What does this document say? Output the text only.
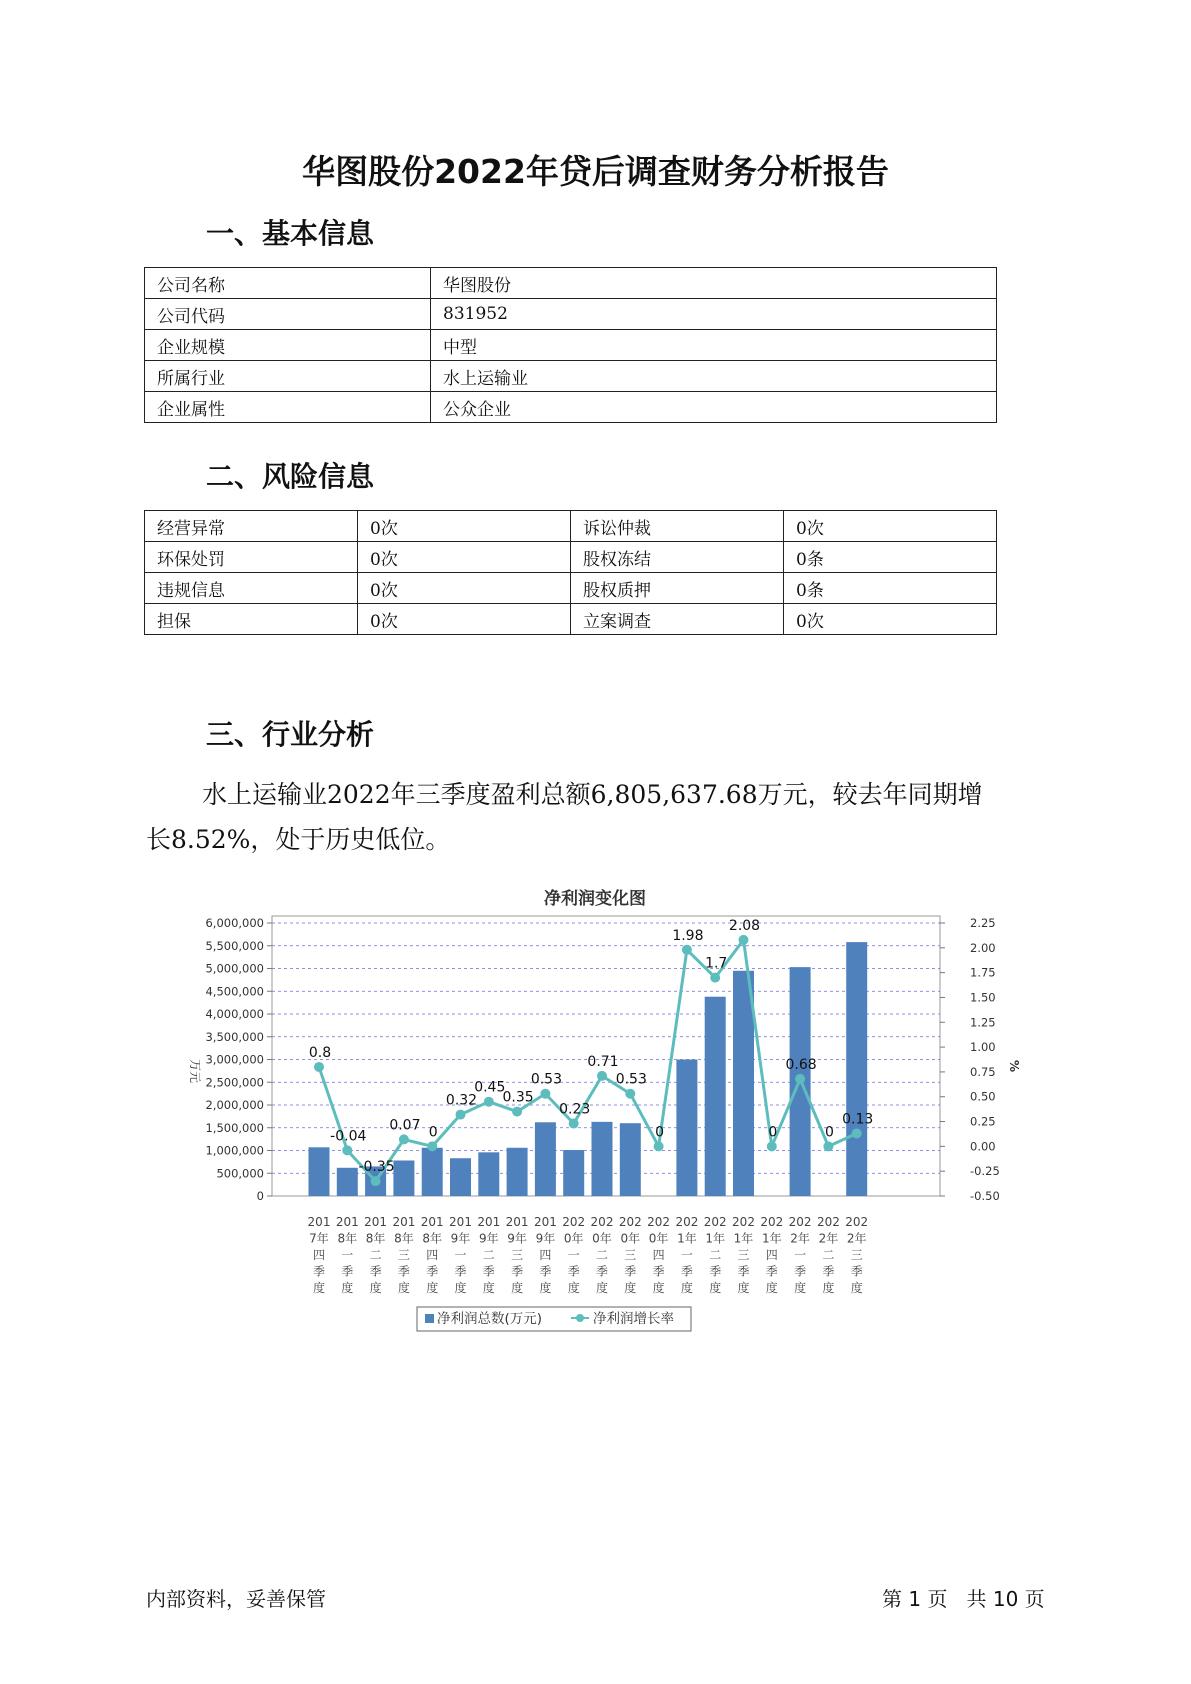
华图股份2022年贷后调查财务分析报告
一、基本信息
公司名称	华图股份
公司代码	831952
企业规模	中型
所属行业	水上运输业
企业属性	公众企业
二、风险信息
经营异常	0次	诉讼仲裁	0次
环保处罚	0次	股权冻结	0条
违规信息	0次	股权质押	0条
担保	0次	立案调查	0次
三、行业分析
水上运输业2022年三季度盈利总额6,805,637.68万元，较去年同期增
长8.52%，处于历史低位。
净利润变化图
0
500,000
1,000,000
1,500,000
2,000,000
2,500,000
3,000,000
3,500,000
4,000,000
4,500,000
5,000,000
5,500,000
6,000,000
-0.50
-0.25
0.00
0.25
0.50
0.75
1.00
1.25
1.50
1.75
2.00
2.25
万元	%
201 7年四季度
201 8年一季度
201 8年二季度
201 8年三季度
201 8年四季度
201 9年一季度
201 9年二季度
201 9年三季度
201 9年四季度
202 0年一季度
202 0年二季度
202 0年三季度
202 0年四季度
202 1年一季度
202 1年二季度
202 1年三季度
202 1年四季度
202 2年一季度
202 2年二季度
202 2年三季度
0.8
-0.04
-0.35
0.07 0
0.32
0.45
0.35
0.53
0.23
0.71
0.53
0
1.98
1.7
2.08
0
0.68
0
0.13
净利润总数(万元)	净利润增长率
内部资料，妥善保管	第 1 页   共 10 页
